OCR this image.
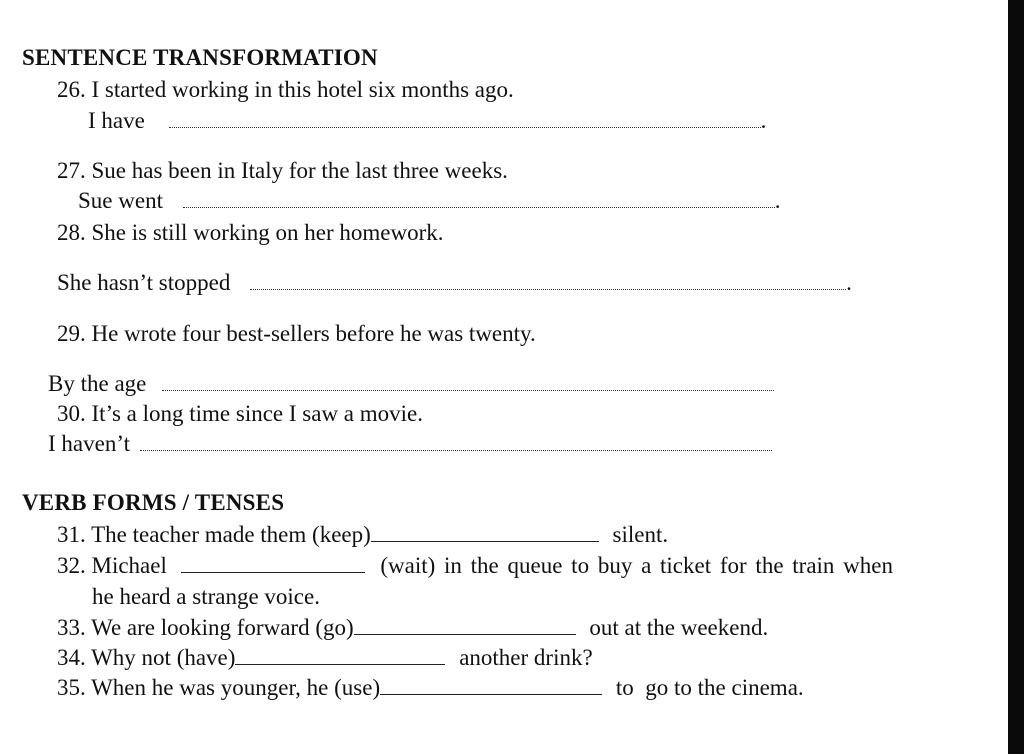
SENTENCE TRANSFORMATION
26. I started working in this hotel six months ago.
I have	.
27. Sue has been in Italy for the last three weeks.
Sue went	.
28. She is still working on her homework.
She hasn’t stopped	.
29. He wrote four best-sellers before he was twenty.
By the age
30. It’s a long time since I saw a movie.
I haven’t
VERB FORMS / TENSES
31. The teacher made them (keep)	silent.
32. Michael	(wait) in the queue to buy a ticket for the train when
he heard a strange voice.
33. We are looking forward (go)	out at the weekend.
34. Why not (have)	another drink?
35. When he was younger, he (use)	to  go to the cinema.
